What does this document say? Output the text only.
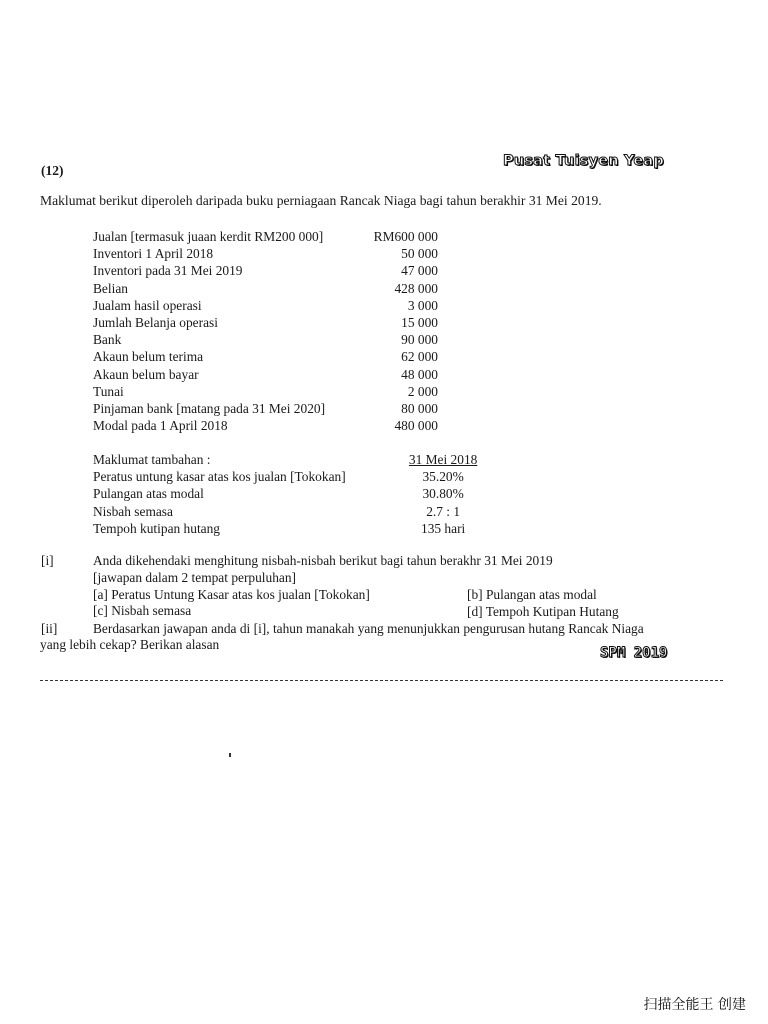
(12)
Pusat Tuisyen Yeap
Maklumat berikut diperoleh daripada buku perniagaan Rancak Niaga bagi tahun berakhir 31 Mei 2019.
Jualan [termasuk juaan kerdit RM200 000]	RM600 000
Inventori 1 April 2018	50 000
Inventori pada 31 Mei 2019	47 000
Belian	428 000
Jualam hasil operasi	3 000
Jumlah Belanja operasi	15 000
Bank	90 000
Akaun belum terima	62 000
Akaun belum bayar	48 000
Tunai	2 000
Pinjaman bank [matang pada 31 Mei 2020]	80 000
Modal pada 1 April 2018	480 000
Maklumat tambahan :	31 Mei 2018
Peratus untung kasar atas kos jualan [Tokokan]	35.20%
Pulangan atas modal	30.80%
Nisbah semasa	2.7 : 1
Tempoh kutipan hutang	135 hari
[i]	Anda dikehendaki menghitung nisbah-nisbah berikut bagi tahun berakhr 31 Mei 2019
[jawapan dalam 2 tempat perpuluhan]
[a] Peratus Untung Kasar atas kos jualan [Tokokan]	[b] Pulangan atas modal
[c] Nisbah semasa	[d] Tempoh Kutipan Hutang
[ii]	Berdasarkan jawapan anda di [i], tahun manakah yang menunjukkan pengurusan hutang Rancak Niaga
yang lebih cekap? Berikan alasan
SPM 2019
扫描全能王 创建
